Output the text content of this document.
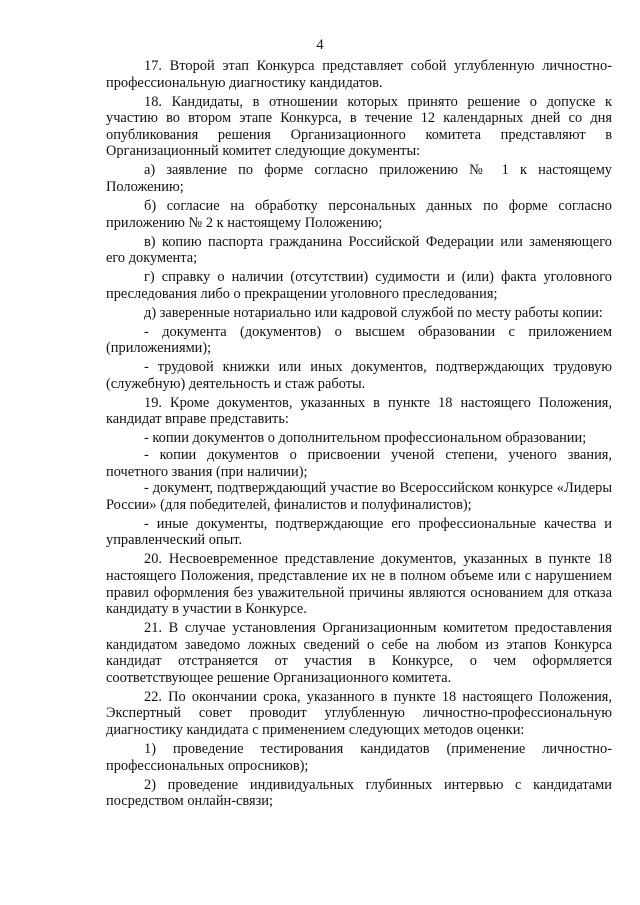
4

17. Второй этап Конкурса представляет собой углубленную личностно-профессиональную диагностику кандидатов.

18. Кандидаты, в отношении которых принято решение о допуске к участию во втором этапе Конкурса, в течение 12 календарных дней со дня опубликования решения Организационного комитета представляют в Организационный комитет следующие документы:

а) заявление по форме согласно приложению № 1 к настоящему Положению;

б) согласие на обработку персональных данных по форме согласно приложению № 2 к настоящему Положению;

в) копию паспорта гражданина Российской Федерации или заменяющего его документа;

г) справку о наличии (отсутствии) судимости и (или) факта уголовного преследования либо о прекращении уголовного преследования;

д) заверенные нотариально или кадровой службой по месту работы копии:

- документа (документов) о высшем образовании с приложением (приложениями);

- трудовой книжки или иных документов, подтверждающих трудовую (служебную) деятельность и стаж работы.

19. Кроме документов, указанных в пункте 18 настоящего Положения, кандидат вправе представить:

- копии документов о дополнительном профессиональном образовании;

- копии документов о присвоении ученой степени, ученого звания, почетного звания (при наличии);

- документ, подтверждающий участие во Всероссийском конкурсе «Лидеры России» (для победителей, финалистов и полуфиналистов);

- иные документы, подтверждающие его профессиональные качества и управленческий опыт.

20. Несвоевременное представление документов, указанных в пункте 18 настоящего Положения, представление их не в полном объеме или с нарушением правил оформления без уважительной причины являются основанием для отказа кандидату в участии в Конкурсе.

21. В случае установления Организационным комитетом предоставления кандидатом заведомо ложных сведений о себе на любом из этапов Конкурса кандидат отстраняется от участия в Конкурсе, о чем оформляется соответствующее решение Организационного комитета.

22. По окончании срока, указанного в пункте 18 настоящего Положения, Экспертный совет проводит углубленную личностно-профессиональную диагностику кандидата с применением следующих методов оценки:

1) проведение тестирования кандидатов (применение личностно-профессиональных опросников);

2) проведение индивидуальных глубинных интервью с кандидатами посредством онлайн-связи;
